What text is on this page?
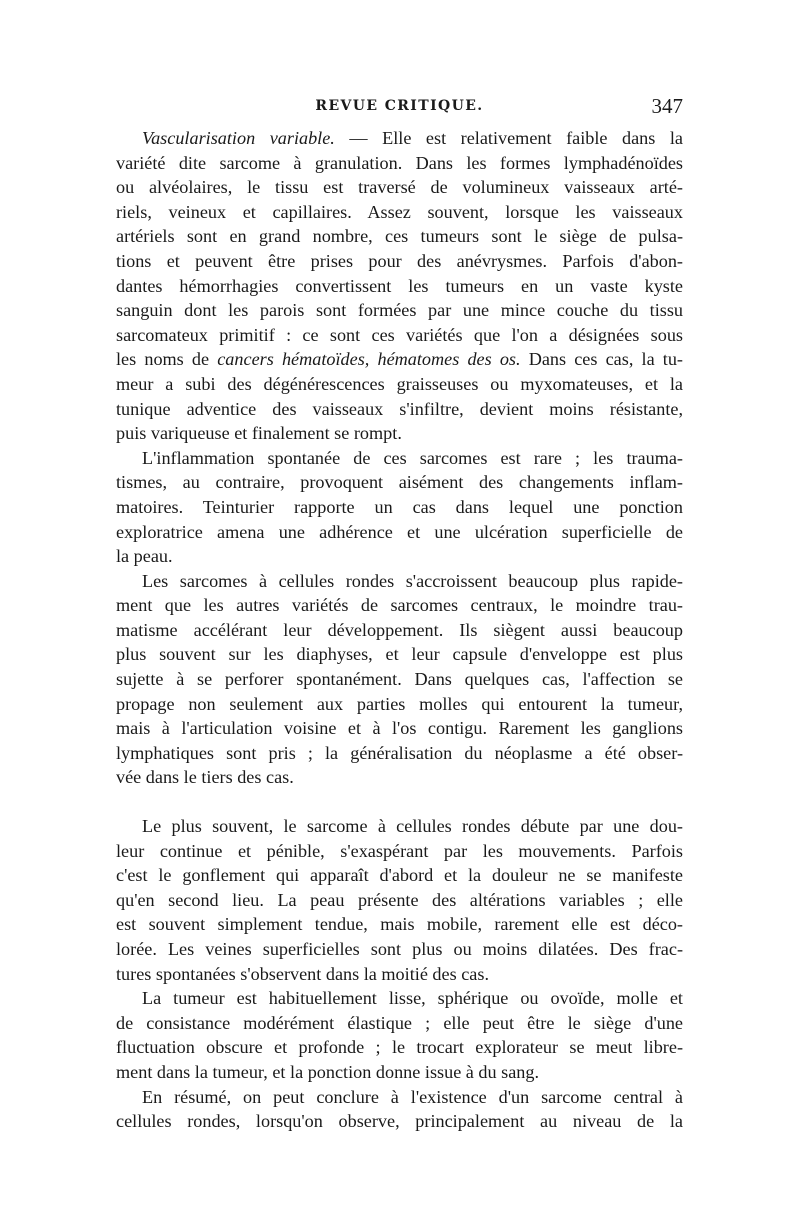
REVUE CRITIQUE.	347
Vascularisation variable. — Elle est relativement faible dans la
variété dite sarcome à granulation. Dans les formes lymphadénoïdes
ou alvéolaires, le tissu est traversé de volumineux vaisseaux arté-
riels, veineux et capillaires. Assez souvent, lorsque les vaisseaux
artériels sont en grand nombre, ces tumeurs sont le siège de pulsa-
tions et peuvent être prises pour des anévrysmes. Parfois d'abon-
dantes hémorrhagies convertissent les tumeurs en un vaste kyste
sanguin dont les parois sont formées par une mince couche du tissu
sarcomateux primitif : ce sont ces variétés que l'on a désignées sous
les noms de cancers hématoïdes, hématomes des os. Dans ces cas, la tu-
meur a subi des dégénérescences graisseuses ou myxomateuses, et la
tunique adventice des vaisseaux s'infiltre, devient moins résistante,
puis variqueuse et finalement se rompt.
L'inflammation spontanée de ces sarcomes est rare ; les trauma-
tismes, au contraire, provoquent aisément des changements inflam-
matoires. Teinturier rapporte un cas dans lequel une ponction
exploratrice amena une adhérence et une ulcération superficielle de
la peau.
Les sarcomes à cellules rondes s'accroissent beaucoup plus rapide-
ment que les autres variétés de sarcomes centraux, le moindre trau-
matisme accélérant leur développement. Ils siègent aussi beaucoup
plus souvent sur les diaphyses, et leur capsule d'enveloppe est plus
sujette à se perforer spontanément. Dans quelques cas, l'affection se
propage non seulement aux parties molles qui entourent la tumeur,
mais à l'articulation voisine et à l'os contigu. Rarement les ganglions
lymphatiques sont pris ; la généralisation du néoplasme a été obser-
vée dans le tiers des cas.
Le plus souvent, le sarcome à cellules rondes débute par une dou-
leur continue et pénible, s'exaspérant par les mouvements. Parfois
c'est le gonflement qui apparaît d'abord et la douleur ne se manifeste
qu'en second lieu. La peau présente des altérations variables ; elle
est souvent simplement tendue, mais mobile, rarement elle est déco-
lorée. Les veines superficielles sont plus ou moins dilatées. Des frac-
tures spontanées s'observent dans la moitié des cas.
La tumeur est habituellement lisse, sphérique ou ovoïde, molle et
de consistance modérément élastique ; elle peut être le siège d'une
fluctuation obscure et profonde ; le trocart explorateur se meut libre-
ment dans la tumeur, et la ponction donne issue à du sang.
En résumé, on peut conclure à l'existence d'un sarcome central à
cellules rondes, lorsqu'on observe, principalement au niveau de la
